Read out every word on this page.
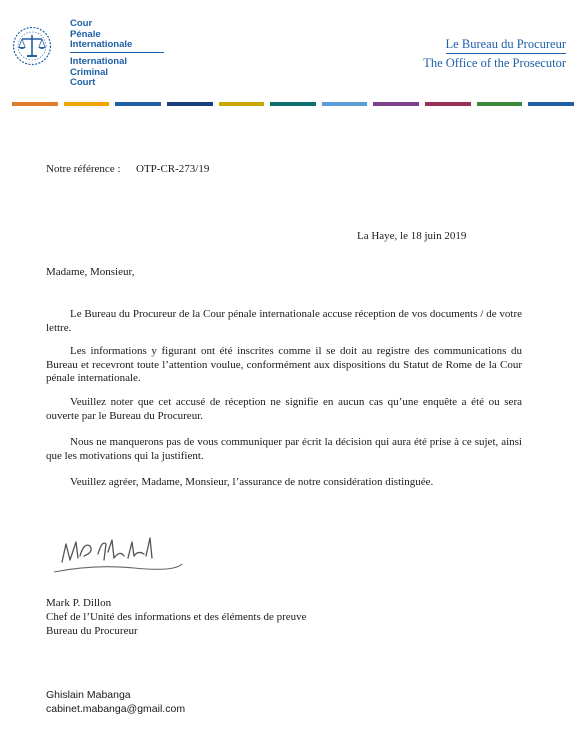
Cour
Pénale
Internationale
International
Criminal
Court
Le Bureau du Procureur
The Office of the Prosecutor
Notre référence : OTP-CR-273/19
La Haye, le 18 juin 2019
Madame, Monsieur,
Le Bureau du Procureur de la Cour pénale internationale accuse réception de vos documents / de votre lettre.
Les informations y figurant ont été inscrites comme il se doit au registre des communications du Bureau et recevront toute l’attention voulue, conformément aux dispositions du Statut de Rome de la Cour pénale internationale.
Veuillez noter que cet accusé de réception ne signifie en aucun cas qu’une enquête a été ou sera ouverte par le Bureau du Procureur.
Nous ne manquerons pas de vous communiquer par écrit la décision qui aura été prise à ce sujet, ainsi que les motivations qui la justifient.
Veuillez agréer, Madame, Monsieur, l’assurance de notre considération distinguée.
Mark P. Dillon
Chef de l’Unité des informations et des éléments de preuve
Bureau du Procureur
Ghislain Mabanga
cabinet.mabanga@gmail.com
